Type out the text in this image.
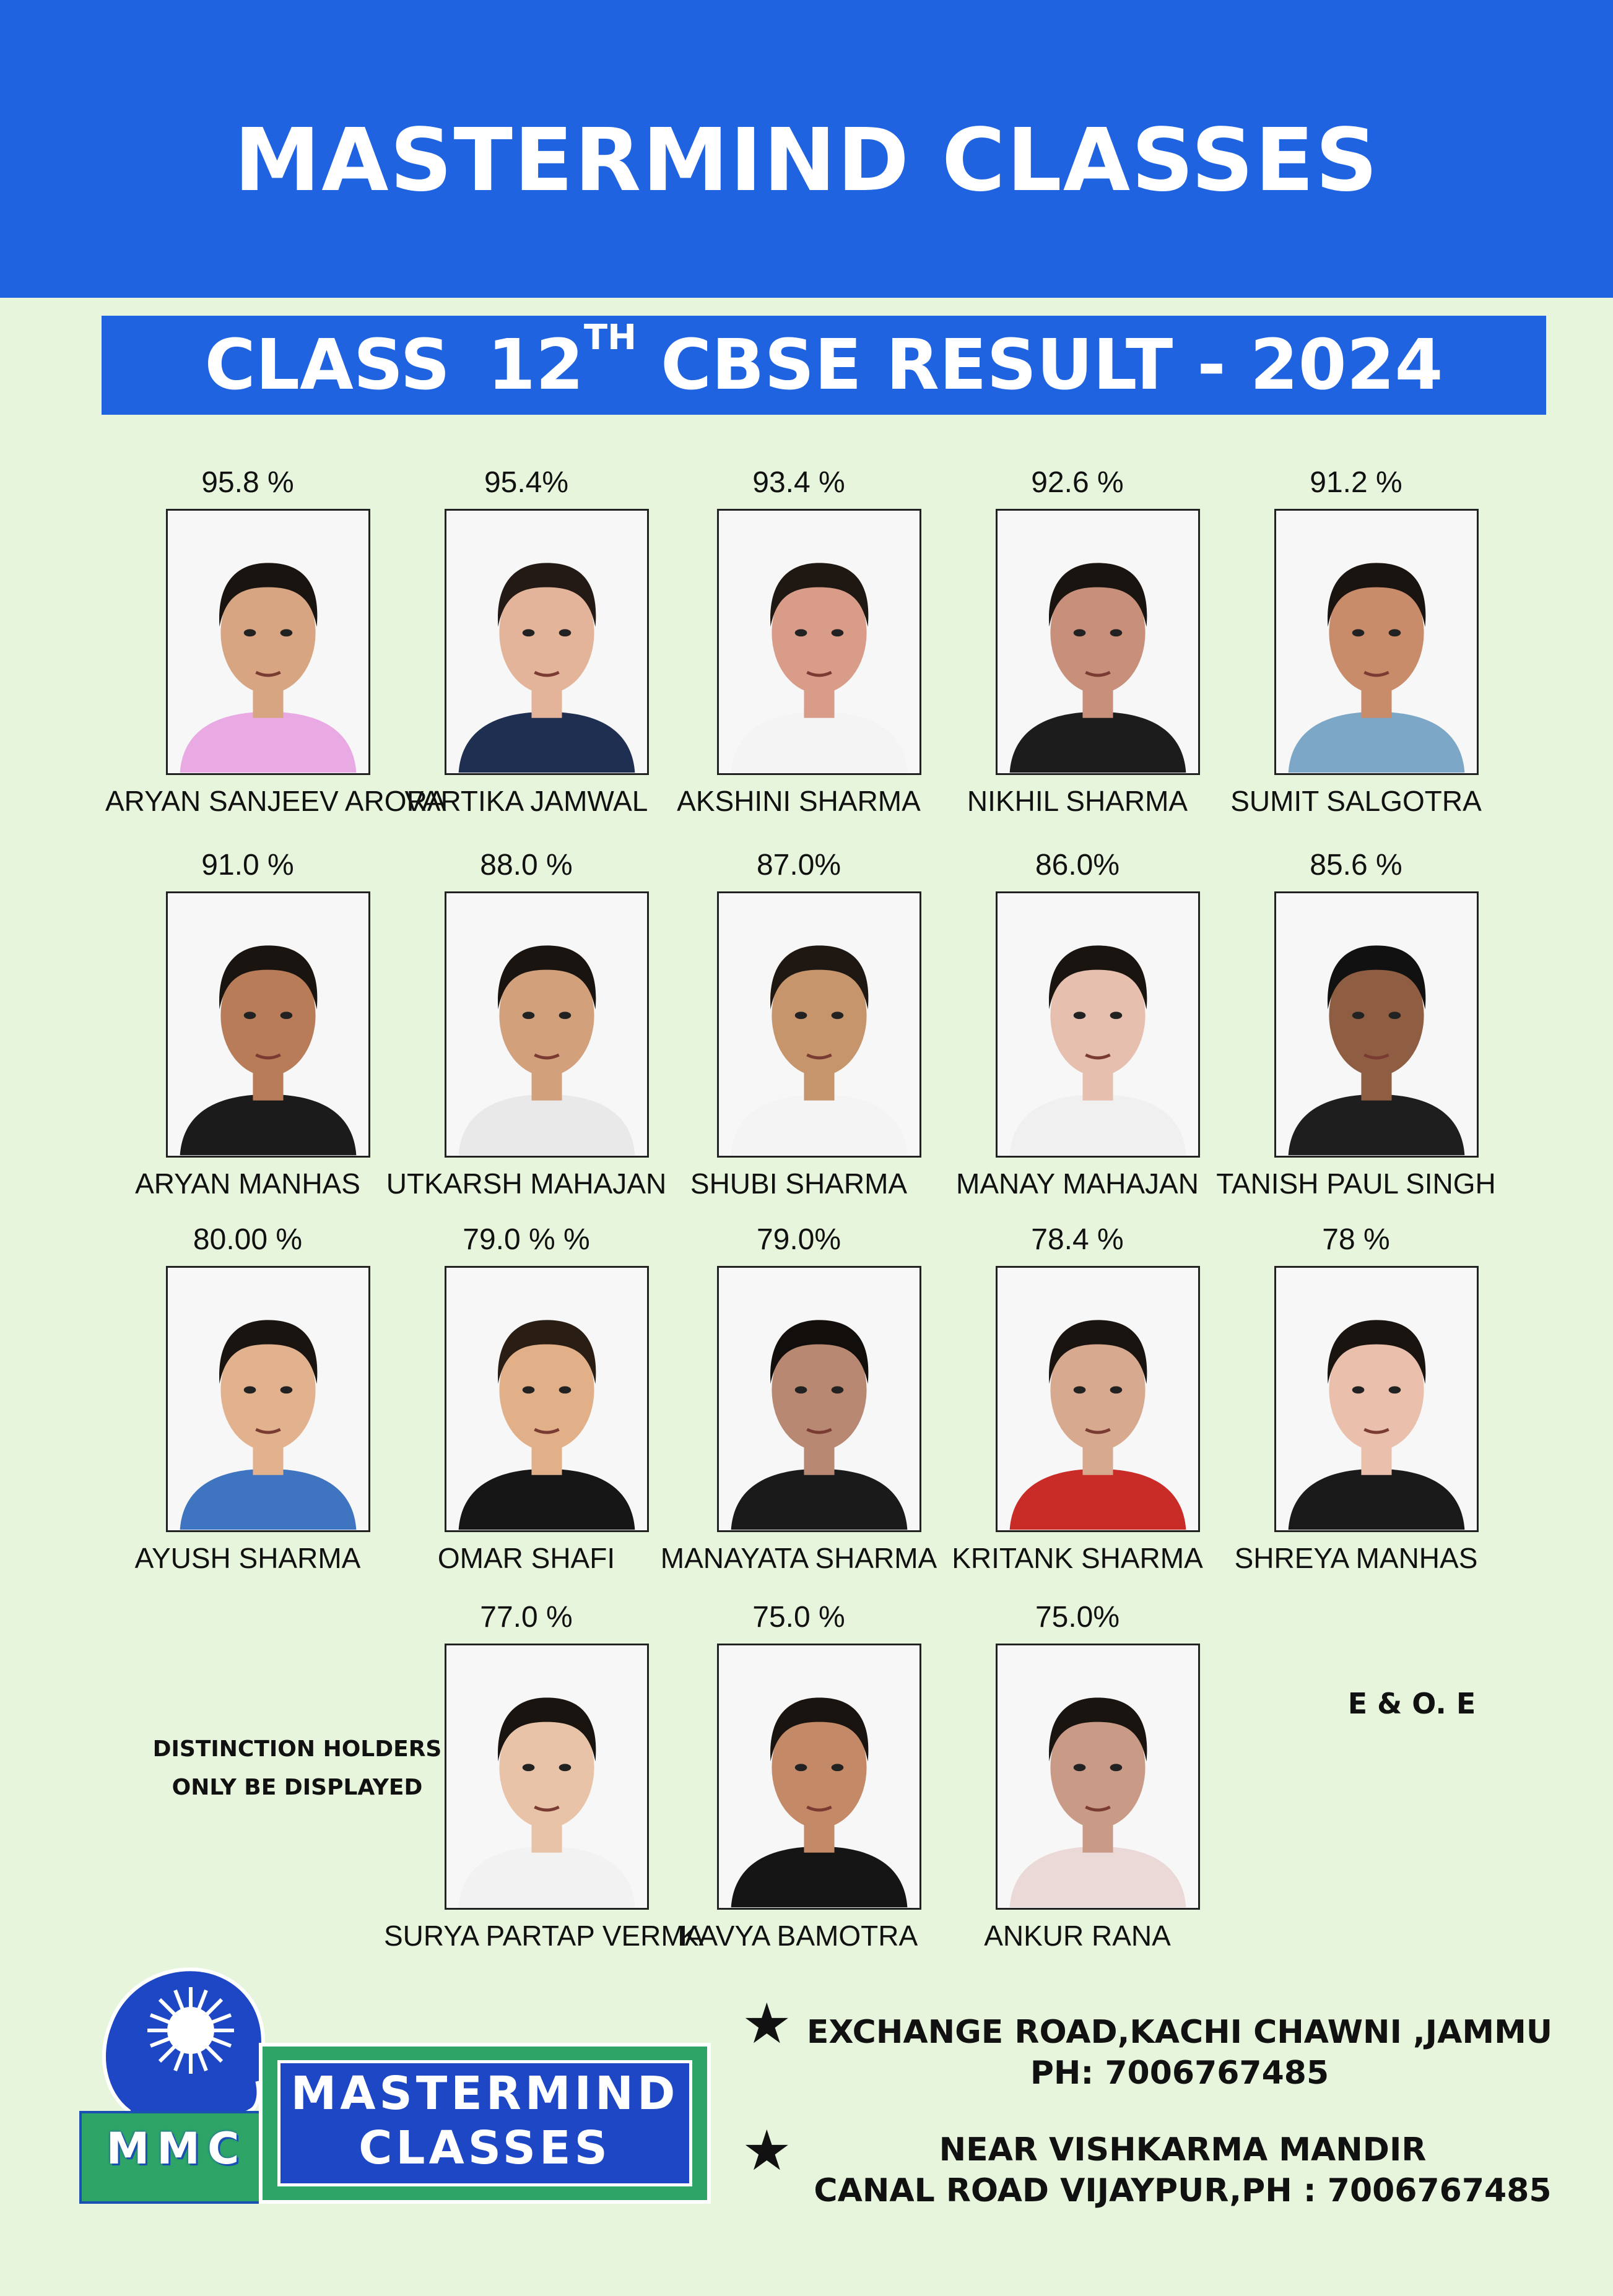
MASTERMIND CLASSES
CLASS 12TH CBSE RESULT - 2024
95.8 %
ARYAN SANJEEV ARORA
95.4%
VARTIKA JAMWAL
93.4 %
AKSHINI SHARMA
92.6 %
NIKHIL SHARMA
91.2 %
SUMIT SALGOTRA
91.0 %
ARYAN MANHAS
88.0 %
UTKARSH MAHAJAN
87.0%
SHUBI SHARMA
86.0%
MANAY MAHAJAN
85.6 %
TANISH PAUL SINGH
80.00 %
AYUSH SHARMA
79.0 % %
OMAR SHAFI
79.0%
MANAYATA SHARMA
78.4 %
KRITANK SHARMA
78 %
SHREYA MANHAS
77.0 %
SURYA PARTAP VERMA
75.0 %
KAVYA BAMOTRA
75.0%
ANKUR RANA
DISTINCTION HOLDERS
ONLY BE DISPLAYED
E & O. E
MMC
MASTERMIND
CLASSES
★ EXCHANGE ROAD,KACHI CHAWNI ,JAMMU
PH: 7006767485
★	NEAR VISHKARMA MANDIR
CANAL ROAD VIJAYPUR,PH : 7006767485
